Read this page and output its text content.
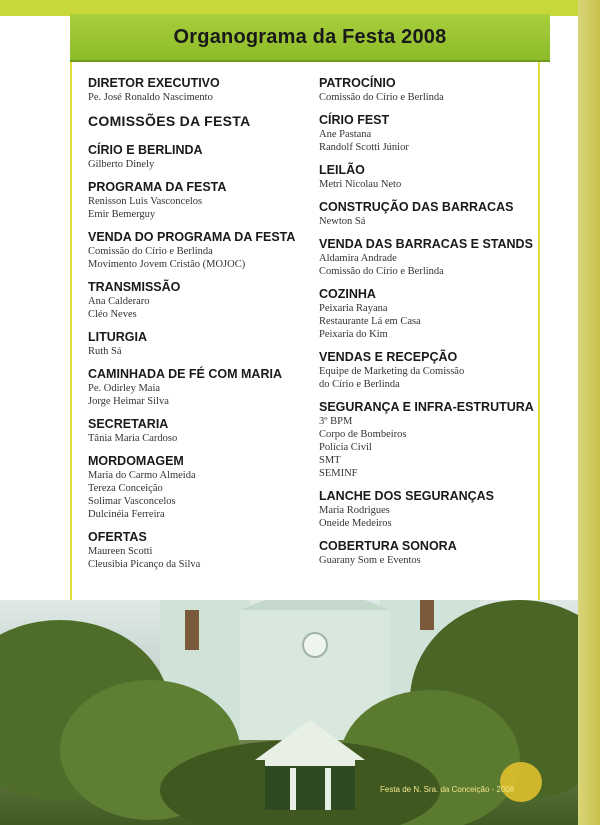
Organograma da Festa 2008
DIRETOR EXECUTIVO
Pe. José Ronaldo Nascimento
COMISSÕES DA FESTA
CÍRIO E BERLINDA
Gilberto Dinely
PROGRAMA DA FESTA
Renisson Luis Vasconcelos
Emir Bemerguy
VENDA DO PROGRAMA DA FESTA
Comissão do Círio e Berlinda
Movimento Jovem Cristão (MOJOC)
TRANSMISSÃO
Ana Calderaro
Cléo Neves
LITURGIA
Ruth Sá
CAMINHADA DE FÉ COM MARIA
Pe. Odirley Maia
Jorge Heimar Silva
SECRETARIA
Tânia Maria Cardoso
MORDOMAGEM
Maria do Carmo Almeida
Tereza Conceição
Solimar Vasconcelos
Dulcinéia Ferreira
OFERTAS
Maureen Scotti
Cleusibia Picanço da Silva
PATROCÍNIO
Comissão do Círio e Berlinda
CÍRIO FEST
Ane Pastana
Randolf Scotti Júnior
LEILÃO
Metri Nicolau Neto
CONSTRUÇÃO DAS BARRACAS
Newton Sá
VENDA DAS BARRACAS E STANDS
Aldamira Andrade
Comissão do Círio e Berlinda
COZINHA
Peixaria Rayana
Restaurante Lá em Casa
Peixaria do Kim
VENDAS E RECEPÇÃO
Equipe de Marketing da Comissão
do Círio e Berlinda
SEGURANÇA E INFRA-ESTRUTURA
3º BPM
Corpo de Bombeiros
Polícia Civil
SMT
SEMINF
LANCHE DOS SEGURANÇAS
Maria Rodrigues
Oneide Medeiros
COBERTURA SONORA
Guarany Som e Eventos
Festa de N. Sra. da Conceição - 2008
